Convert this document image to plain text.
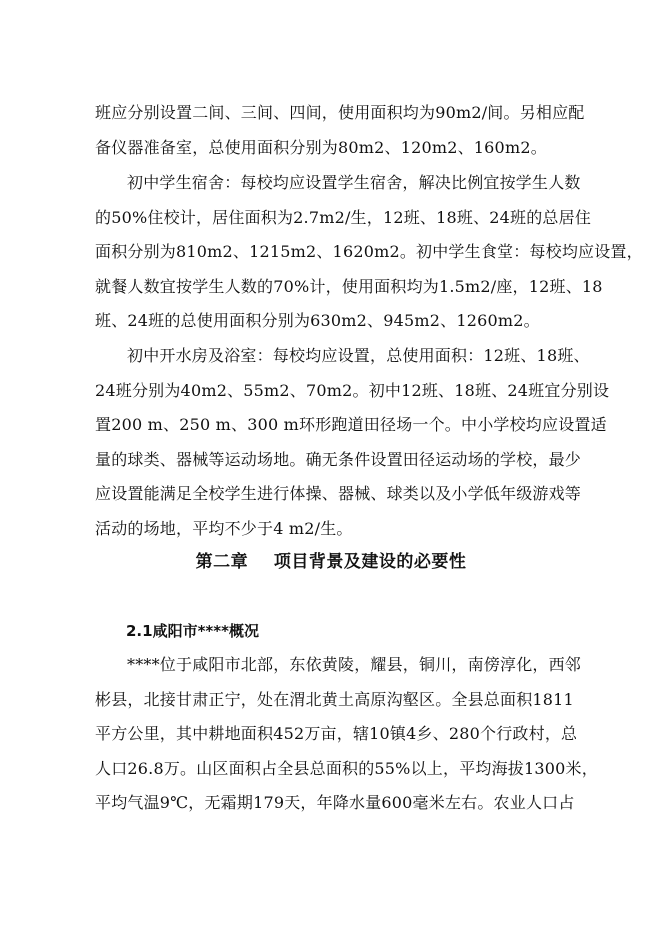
班应分别设置二间、三间、四间，使用面积均为90m2/间。另相应配
备仪器准备室，总使用面积分别为80m2、120m2、160m2。

初中学生宿舍：每校均应设置学生宿舍，解决比例宜按学生人数
的50%住校计，居住面积为2.7m2/生，12班、18班、24班的总居住
面积分别为810m2、1215m2、1620m2。初中学生食堂：每校均应设置，
就餐人数宜按学生人数的70%计，使用面积均为1.5m2/座，12班、18
班、24班的总使用面积分别为630m2、945m2、1260m2。

初中开水房及浴室：每校均应设置，总使用面积：12班、18班、
24班分别为40m2、55m2、70m2。初中12班、18班、24班宜分别设
置200 m、250 m、300 m环形跑道田径场一个。中小学校均应设置适
量的球类、器械等运动场地。确无条件设置田径运动场的学校，最少
应设置能满足全校学生进行体操、器械、球类以及小学低年级游戏等
活动的场地，平均不少于4 m2/生。

第二章    项目背景及建设的必要性
2.1咸阳市****概况

****位于咸阳市北部，东依黄陵，耀县，铜川，南傍淳化，西邻
彬县，北接甘肃正宁，处在渭北黄土高原沟壑区。全县总面积1811
平方公里，其中耕地面积452万亩，辖10镇4乡、280个行政村，总
人口26.8万。山区面积占全县总面积的55%以上，平均海拔1300米，
平均气温9℃，无霜期179天，年降水量600毫米左右。农业人口占
